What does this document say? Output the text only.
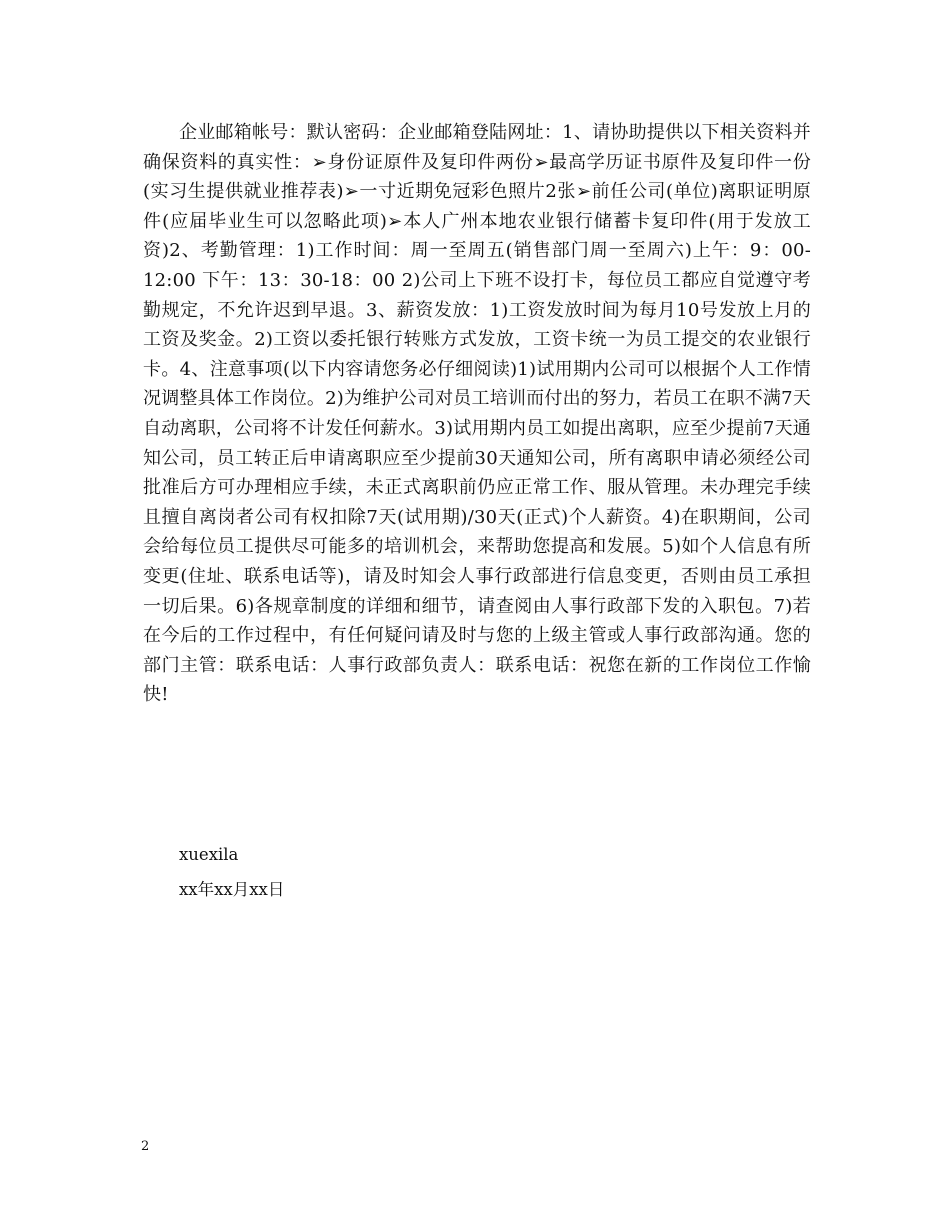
企业邮箱帐号：默认密码：企业邮箱登陆网址：1、请协助提供以下相关资料并确保资料的真实性：➢身份证原件及复印件两份➢最高学历证书原件及复印件一份(实习生提供就业推荐表)➢一寸近期免冠彩色照片2张➢前任公司(单位)离职证明原件(应届毕业生可以忽略此项)➢本人广州本地农业银行储蓄卡复印件(用于发放工资)2、考勤管理：1)工作时间：周一至周五(销售部门周一至周六)上午：9：00-12:00 下午：13：30-18：00 2)公司上下班不设打卡，每位员工都应自觉遵守考勤规定，不允许迟到早退。3、薪资发放：1)工资发放时间为每月10号发放上月的工资及奖金。2)工资以委托银行转账方式发放，工资卡统一为员工提交的农业银行卡。4、注意事项(以下内容请您务必仔细阅读)1)试用期内公司可以根据个人工作情况调整具体工作岗位。2)为维护公司对员工培训而付出的努力，若员工在职不满7天自动离职，公司将不计发任何薪水。3)试用期内员工如提出离职，应至少提前7天通知公司，员工转正后申请离职应至少提前30天通知公司，所有离职申请必须经公司批准后方可办理相应手续，未正式离职前仍应正常工作、服从管理。未办理完手续且擅自离岗者公司有权扣除7天(试用期)/30天(正式)个人薪资。4)在职期间，公司会给每位员工提供尽可能多的培训机会，来帮助您提高和发展。5)如个人信息有所变更(住址、联系电话等)，请及时知会人事行政部进行信息变更，否则由员工承担一切后果。6)各规章制度的详细和细节，请查阅由人事行政部下发的入职包。7)若在今后的工作过程中，有任何疑问请及时与您的上级主管或人事行政部沟通。您的部门主管：联系电话：人事行政部负责人：联系电话：祝您在新的工作岗位工作愉快!

xuexila

xx年xx月xx日

2
